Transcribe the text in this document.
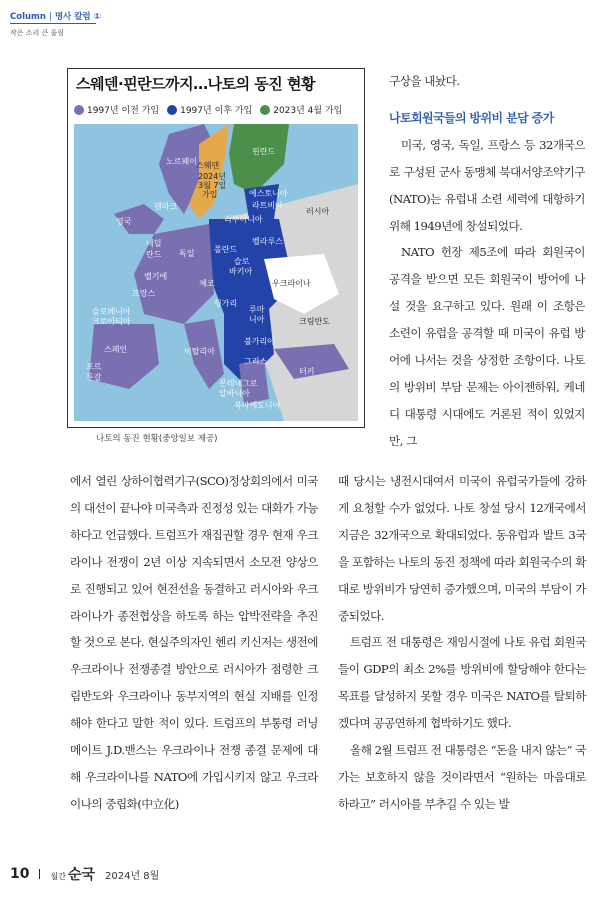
Column | 명사 칼럼 ①
작은 소리 큰 울림
스웨덴·핀란드까지…나토의 동진 현황
1997년 이전 가입 1997년 이후 가입 2023년 4월 가입
스웨덴
2024년
3월 7일
가입
핀란드
노르웨이
에스토니아
라트비아
리투아니아
러시아
덴마크
영국
네덜
란드 독일 폴란드
벨라루스
벨기에
체코
슬로
바키아
우크라이나
프랑스
헝가리
슬로베니아
크로아티아
루마
니아	크림반도
스페인	이탈리아
불가리아
포르
투갈
그리스
터키
몬테네그로
알바니아
북마케도니아
나토의 동진 현황(중앙일보 제공)

구상을 내놨다.

나토회원국들의 방위비 분담 증가

미국, 영국, 독일, 프랑스 등 32개국으로 구성된 군사 동맹체 북대서양조약기구(NATO)는 유럽내 소련 세력에 대항하기 위해 1949년에 창설되었다.

NATO 헌장 제5조에 따라 회원국이 공격을 받으면 모든 회원국이 방어에 나설 것을 요구하고 있다. 원래 이 조항은 소련이 유럽을 공격할 때 미국이 유럽 방어에 나서는 것을 상정한 조항이다. 나토의 방위비 부담 문제는 아이젠하워, 케네디 대통령 시대에도 거론된 적이 있었지만, 그

에서 열린 상하이협력기구(SCO)정상회의에서 미국의 대선이 끝나야 미국측과 진정성 있는 대화가 가능하다고 언급했다. 트럼프가 재집권할 경우 현재 우크라이나 전쟁이 2년 이상 지속되면서 소모전 양상으로 진행되고 있어 현전선을 동결하고 러시아와 우크라이나가 종전협상을 하도록 하는 압박전략을 추진할 것으로 본다. 현실주의자인 헨리 키신저는 생전에 우크라이나 전쟁종결 방안으로 러시아가 점령한 크림반도와 우크라이나 동부지역의 현실 지배를 인정해야 한다고 말한 적이 있다. 트럼프의 부통령 러닝메이트 J.D.밴스는 우크라이나 전쟁 종결 문제에 대해 우크라이나를 NATO에 가입시키지 않고 우크라이나의 중립화(中立化)

때 당시는 냉전시대여서 미국이 유럽국가들에 강하게 요청할 수가 없었다. 나토 창설 당시 12개국에서 지금은 32개국으로 확대되었다. 동유럽과 발트 3국을 포함하는 나토의 동진 정책에 따라 회원국수의 확대로 방위비가 당연히 증가했으며, 미국의 부담이 가중되었다.

트럼프 전 대통령은 재임시절에 나토 유럽 회원국들이 GDP의 최소 2%를 방위비에 할당해야 한다는 목표를 달성하지 못할 경우 미국은 NATO를 탈퇴하겠다며 공공연하게 협박하기도 했다.

올해 2월 트럼프 전 대통령은 “돈을 내지 않는” 국가는 보호하지 않을 것이라면서 “원하는 마음대로 하라고” 러시아를 부추길 수 있는 발

10	월간 순국 2024년 8월
